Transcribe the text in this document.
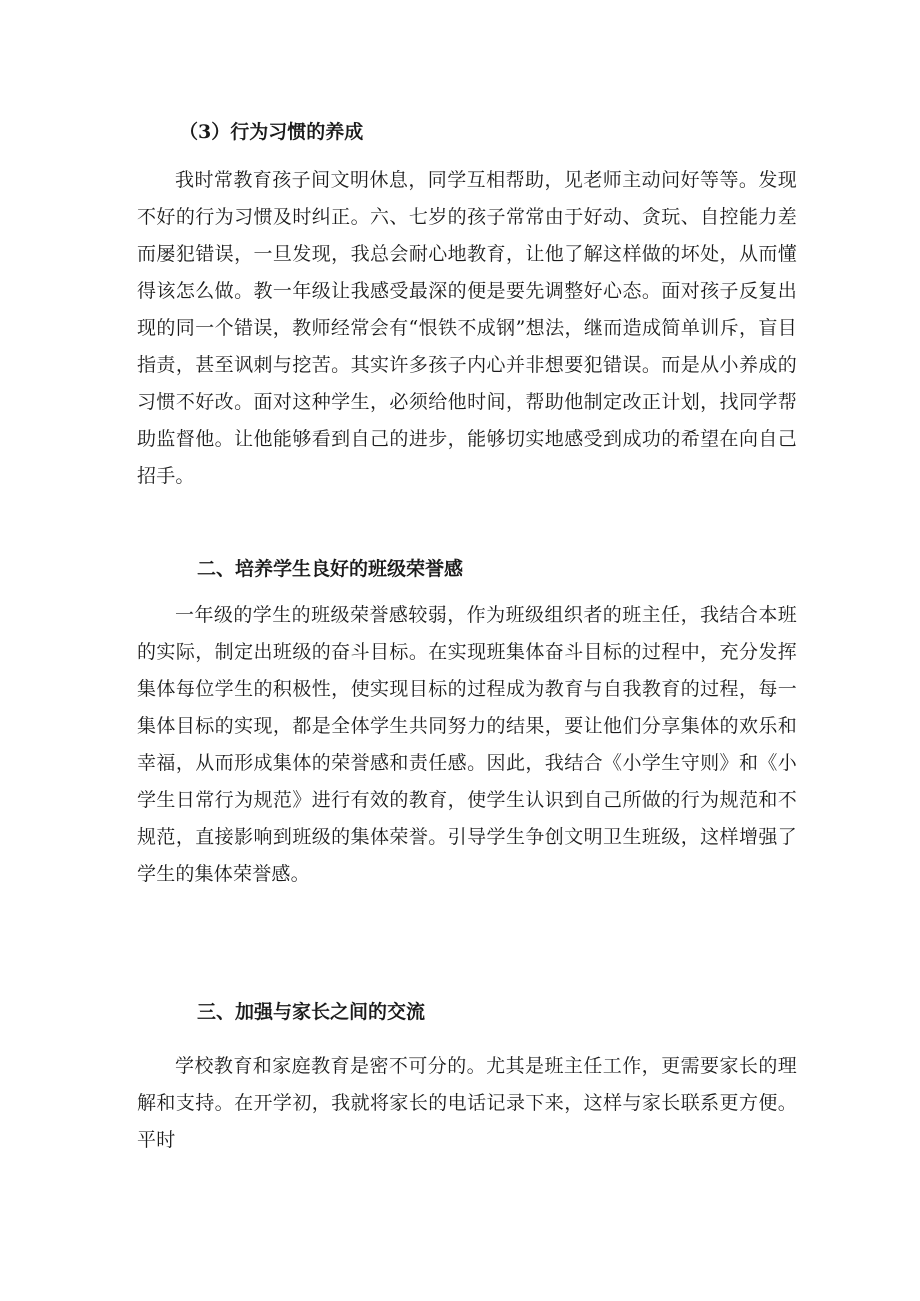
（3）行为习惯的养成

我时常教育孩子间文明休息，同学互相帮助，见老师主动问好等等。发现不好的行为习惯及时纠正。六、七岁的孩子常常由于好动、贪玩、自控能力差而屡犯错误，一旦发现，我总会耐心地教育，让他了解这样做的坏处，从而懂得该怎么做。教一年级让我感受最深的便是要先调整好心态。面对孩子反复出现的同一个错误，教师经常会有“恨铁不成钢”想法，继而造成简单训斥，盲目指责，甚至讽刺与挖苦。其实许多孩子内心并非想要犯错误。而是从小养成的习惯不好改。面对这种学生，必须给他时间，帮助他制定改正计划，找同学帮助监督他。让他能够看到自己的进步，能够切实地感受到成功的希望在向自己招手。

二、培养学生良好的班级荣誉感

一年级的学生的班级荣誉感较弱，作为班级组织者的班主任，我结合本班的实际，制定出班级的奋斗目标。在实现班集体奋斗目标的过程中，充分发挥集体每位学生的积极性，使实现目标的过程成为教育与自我教育的过程，每一集体目标的实现，都是全体学生共同努力的结果，要让他们分享集体的欢乐和幸福，从而形成集体的荣誉感和责任感。因此，我结合《小学生守则》和《小学生日常行为规范》进行有效的教育，使学生认识到自己所做的行为规范和不规范，直接影响到班级的集体荣誉。引导学生争创文明卫生班级，这样增强了学生的集体荣誉感。

三、加强与家长之间的交流

学校教育和家庭教育是密不可分的。尤其是班主任工作，更需要家长的理解和支持。在开学初，我就将家长的电话记录下来，这样与家长联系更方便。平时
